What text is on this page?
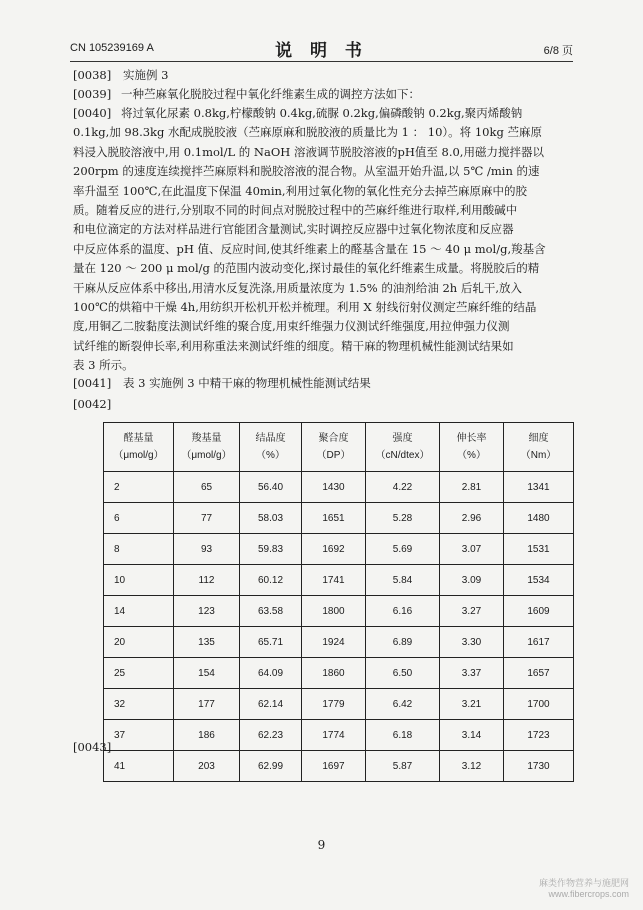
CN 105239169 A	说 明 书	6/8 页
[0038] 实施例 3
[0039] 一种苎麻氧化脱胶过程中氧化纤维素生成的调控方法如下：
[0040] 将过氧化尿素 0.8kg,柠檬酸钠 0.4kg,硫脲 0.2kg,偏磷酸钠 0.2kg,聚丙烯酸钠
0.1kg,加 98.3kg 水配成脱胶液（苎麻原麻和脱胶液的质量比为 1 ： 10）。将 10kg 苎麻原
料浸入脱胶溶液中,用 0.1mol/L 的 NaOH 溶液调节脱胶溶液的pH值至 8.0,用磁力搅拌器以
200rpm 的速度连续搅拌苎麻原料和脱胶溶液的混合物。从室温开始升温,以 5℃ /min 的速
率升温至 100℃,在此温度下保温 40min,利用过氧化物的氧化性充分去掉苎麻原麻中的胶
质。随着反应的进行,分别取不同的时间点对脱胶过程中的苎麻纤维进行取样,利用酸碱中
和电位滴定的方法对样品进行官能团含量测试,实时调控反应器中过氧化物浓度和反应器
中反应体系的温度、pH 值、反应时间,使其纤维素上的醛基含量在 15 ～ 40 μ mol/g,羧基含
量在 120 ～ 200 μ mol/g 的范围内波动变化,探讨最佳的氧化纤维素生成量。将脱胶后的精
干麻从反应体系中移出,用清水反复洗涤,用质量浓度为 1.5% 的油剂给油 2h 后轧干,放入
100℃的烘箱中干燥 4h,用纺织开松机开松并梳理。利用 X 射线衍射仪测定苎麻纤维的结晶
度,用铜乙二胺黏度法测试纤维的聚合度,用束纤维强力仪测试纤维强度,用拉伸强力仪测
试纤维的断裂伸长率,利用称重法来测试纤维的细度。精干麻的物理机械性能测试结果如
表 3 所示。
[0041] 表 3 实施例 3 中精干麻的物理机械性能测试结果
[0042]
醛基量
（μmol/g）	羧基量
（μmol/g）	结晶度
（%）	聚合度
（DP）	强度
（cN/dtex）	伸长率
（%）	细度
（Nm）
2	65	56.40	1430	4.22	2.81	1341
6	77	58.03	1651	5.28	2.96	1480
8	93	59.83	1692	5.69	3.07	1531
10	112	60.12	1741	5.84	3.09	1534
14	123	63.58	1800	6.16	3.27	1609
20	135	65.71	1924	6.89	3.30	1617
25	154	64.09	1860	6.50	3.37	1657
32	177	62.14	1779	6.42	3.21	1700
37	186	62.23	1774	6.18	3.14	1723
41	203	62.99	1697	5.87	3.12	1730
[0043]
9
麻类作物营养与施肥网
www.fibercrops.com
